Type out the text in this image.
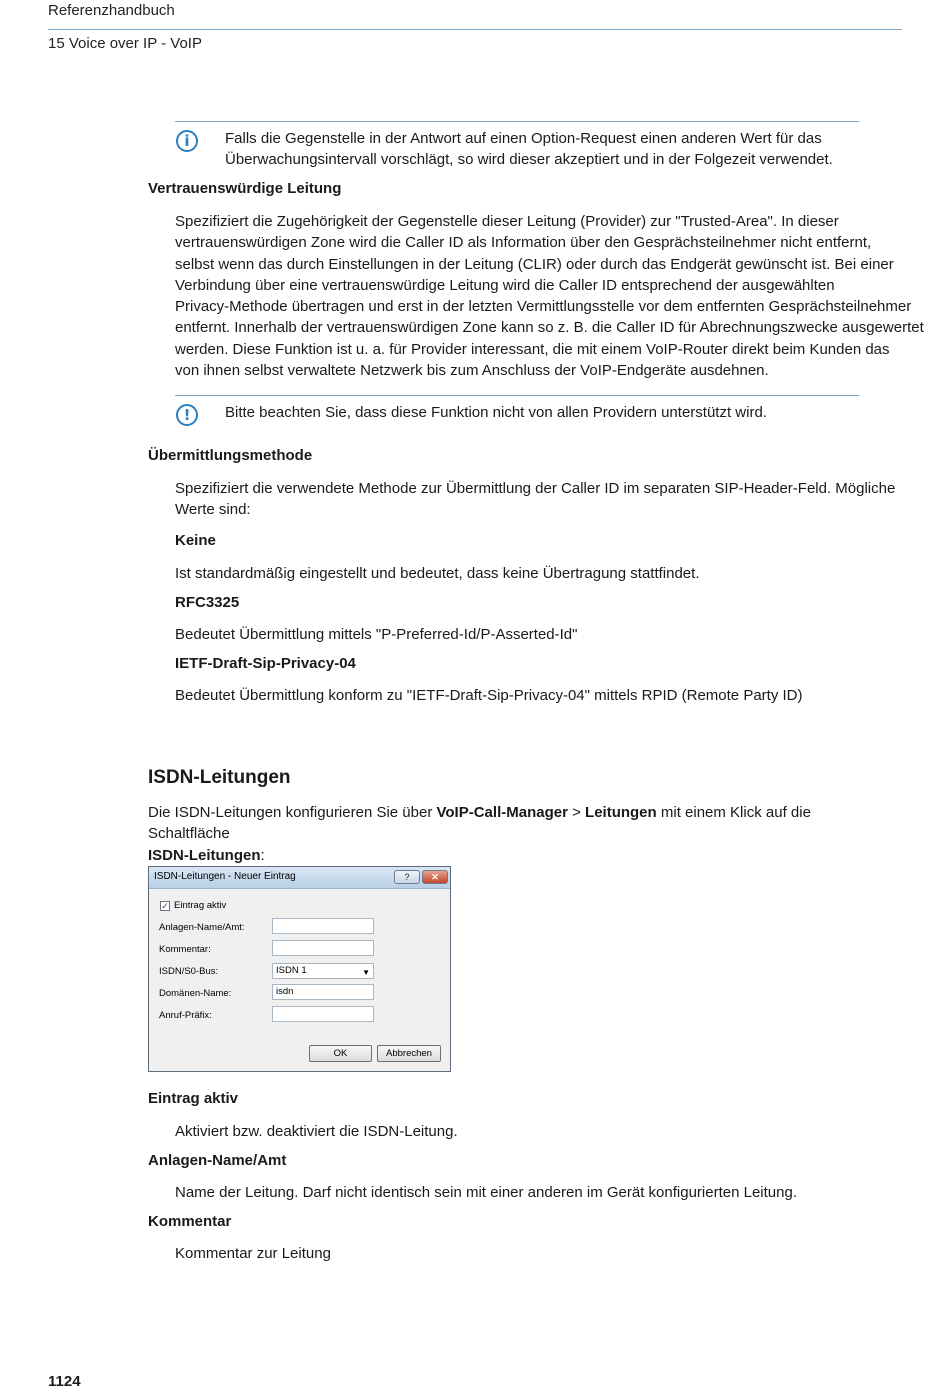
Referenzhandbuch
15 Voice over IP - VoIP
i	Falls die Gegenstelle in der Antwort auf einen Option-Request einen anderen Wert für das
Überwachungsintervall vorschlägt, so wird dieser akzeptiert und in der Folgezeit verwendet.
Vertrauenswürdige Leitung
Spezifiziert die Zugehörigkeit der Gegenstelle dieser Leitung (Provider) zur "Trusted-Area". In dieser
vertrauenswürdigen Zone wird die Caller ID als Information über den Gesprächsteilnehmer nicht entfernt,
selbst wenn das durch Einstellungen in der Leitung (CLIR) oder durch das Endgerät gewünscht ist. Bei einer
Verbindung über eine vertrauenswürdige Leitung wird die Caller ID entsprechend der ausgewählten
Privacy-Methode übertragen und erst in der letzten Vermittlungsstelle vor dem entfernten Gesprächsteilnehmer
entfernt. Innerhalb der vertrauenswürdigen Zone kann so z. B. die Caller ID für Abrechnungszwecke ausgewertet
werden. Diese Funktion ist u. a. für Provider interessant, die mit einem VoIP-Router direkt beim Kunden das
von ihnen selbst verwaltete Netzwerk bis zum Anschluss der VoIP-Endgeräte ausdehnen.
!	Bitte beachten Sie, dass diese Funktion nicht von allen Providern unterstützt wird.
Übermittlungsmethode
Spezifiziert die verwendete Methode zur Übermittlung der Caller ID im separaten SIP-Header-Feld. Mögliche
Werte sind:
Keine
Ist standardmäßig eingestellt und bedeutet, dass keine Übertragung stattfindet.
RFC3325
Bedeutet Übermittlung mittels "P-Preferred-Id/P-Asserted-Id"
IETF-Draft-Sip-Privacy-04
Bedeutet Übermittlung konform zu "IETF-Draft-Sip-Privacy-04" mittels RPID (Remote Party ID)
ISDN-Leitungen
Die ISDN-Leitungen konfigurieren Sie über VoIP-Call-Manager > Leitungen mit einem Klick auf die Schaltfläche
ISDN-Leitungen:
ISDN-Leitungen - Neuer Eintrag	?	✕
✓ Eintrag aktiv
Anlagen-Name/Amt:
Kommentar:
ISDN/S0-Bus:	ISDN 1	▼
Domänen-Name:	isdn
Anruf-Präfix:
OK	Abbrechen
Eintrag aktiv
Aktiviert bzw. deaktiviert die ISDN-Leitung.
Anlagen-Name/Amt
Name der Leitung. Darf nicht identisch sein mit einer anderen im Gerät konfigurierten Leitung.
Kommentar
Kommentar zur Leitung
1124
